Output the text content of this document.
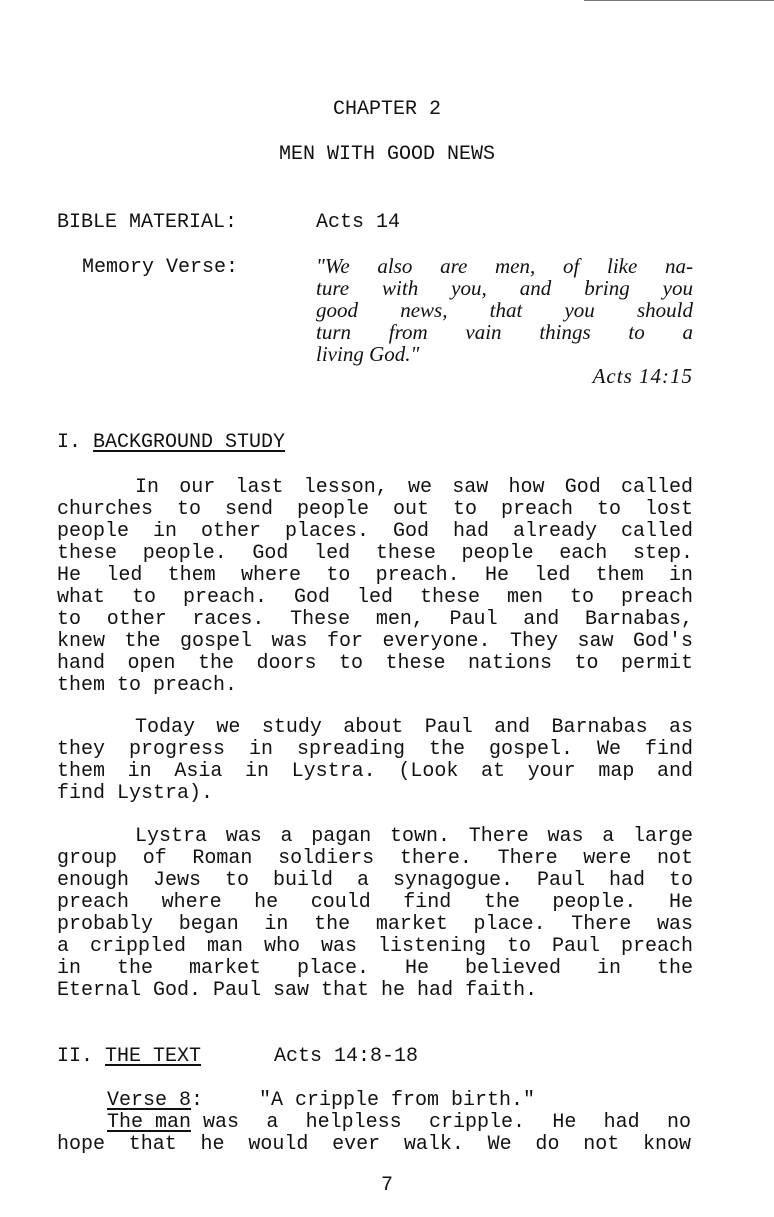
CHAPTER 2
MEN WITH GOOD NEWS
BIBLE MATERIAL:	Acts 14
Memory Verse:	"We also are men, of like na-
ture with you, and bring you
good news, that you should
turn from vain things to a
living God."
Acts 14:15
I. BACKGROUND STUDY
In our last lesson, we saw how God called
churches to send people out to preach to lost
people in other places. God had already called
these people. God led these people each step.
He led them where to preach. He led them in
what to preach. God led these men to preach
to other races. These men, Paul and Barnabas,
knew the gospel was for everyone. They saw God's
hand open the doors to these nations to permit
them to preach.
Today we study about Paul and Barnabas as
they progress in spreading the gospel. We find
them in Asia in Lystra. (Look at your map and
find Lystra).
Lystra was a pagan town. There was a large
group of Roman soldiers there. There were not
enough Jews to build a synagogue. Paul had to
preach where he could find the people. He
probably began in the market place. There was
a crippled man who was listening to Paul preach
in the market place. He believed in the
Eternal God. Paul saw that he had faith.
II. THE TEXT	Acts 14:8-18
Verse 8:	"A cripple from birth."
The man was a helpless cripple. He had no
hope that he would ever walk. We do not know
7
